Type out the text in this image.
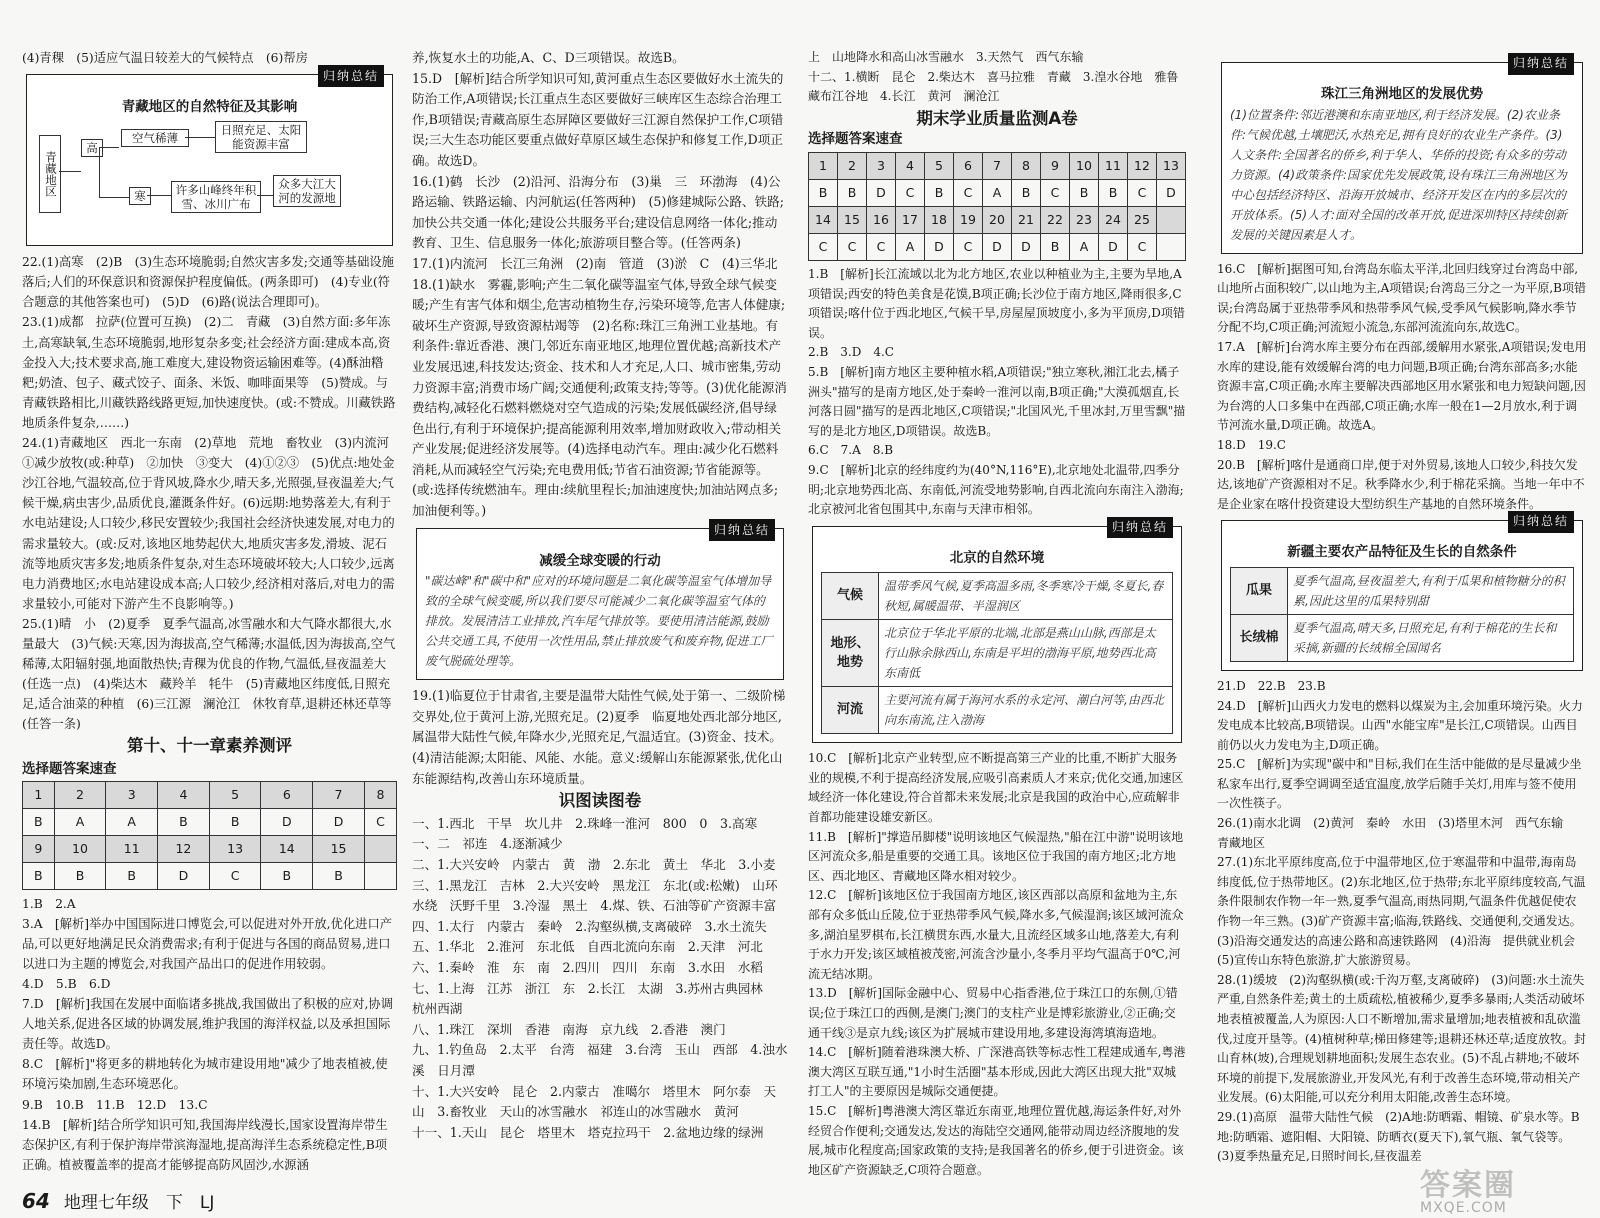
(4)青稞　(5)适应气温日较差大的气候特点　(6)帮房

归纳总结
青藏地区的自然特征及其影响
青藏地区
高
寒
空气稀薄
日照充足、太阳能资源丰富
许多山峰终年积雪、冰川广布
众多大江大河的发源地

22.(1)高寒　(2)B　(3)生态环境脆弱;自然灾害多发;交通等基础设施落后;人们的环保意识和资源保护程度偏低。(两条即可)　(4)专业(符合题意的其他答案也可)　(5)D　(6)路(说法合理即可)。

23.(1)成都　拉萨(位置可互换)　(2)二　青藏　(3)自然方面:多年冻土,高寒缺氧,生态环境脆弱,地形复杂多变;社会经济方面:建成本高,资金投入大;技术要求高,施工难度大,建设物资运输困难等。(4)酥油糌粑;奶渣、包子、藏式饺子、面条、米饭、咖啡面果等　(5)赞成。与青藏铁路相比,川藏铁路线路更短,加快速度快。(或:不赞成。川藏铁路地质条件复杂,……)

24.(1)青藏地区　西北一东南　(2)草地　荒地　畜牧业　(3)内流河　①减少放牧(或:种草)　②加快　③变大　(4)①②③　(5)优点:地处金沙江谷地,气温较高,位于背风坡,降水少,晴天多,光照强,昼夜温差大;气候干燥,病虫害少,品质优良,灌溉条件好。(6)远期:地势落差大,有利于水电站建设;人口较少,移民安置较少;我国社会经济快速发展,对电力的需求量较大。(或:反对,该地区地势起伏大,地质灾害多发,滑坡、泥石流等地质灾害多发;地质条件复杂,对生态环境破坏较大;人口较少,远离电力消费地区;水电站建设成本高;人口较少,经济相对落后,对电力的需求量较小,可能对下游产生不良影响等。)

25.(1)晴　小　(2)夏季　夏季气温高,冰雪融水和大气降水都很大,水量最大　(3)气候:天寒,因为海拔高,空气稀薄;水温低,因为海拔高,空气稀薄,太阳辐射强,地面散热快;青稞为优良的作物,气温低,昼夜温差大　(任选一点)　(4)柴达木　藏羚羊　牦牛　(5)青藏地区纬度低,日照充足,适合油菜的种植　(6)三江源　澜沧江　休牧育草,退耕还林还草等(任答一条)

第十、十一章素养测评
选择题答案速查
1	2	3	4	5	6	7	8
B	A	A	B	B	D	D	C
9	10	11	12	13	14	15	
B	B	B	D	C	B	B	

1.B　2.A

3.A　[解析]举办中国国际进口博览会,可以促进对外开放,优化进口产品,可以更好地满足民众消费需求;有利于促进与各国的商品贸易,进口以进口为主题的博览会,对我国产品出口的促进作用较弱。

4.D　5.B　6.D

7.D　[解析]我国在发展中面临诸多挑战,我国做出了积极的应对,协调人地关系,促进各区域的协调发展,维护我国的海洋权益,以及承担国际责任等。故选D。

8.C　[解析]"将更多的耕地转化为城市建设用地"减少了地表植被,使环境污染加剧,生态环境恶化。

9.B　10.B　11.B　12.D　13.C

14.B　[解析]结合所学知识可知,我国海岸线漫长,国家设置海岸带生态保护区,有利于保护海岸带滨海湿地,提高海洋生态系统稳定性,B项正确。植被覆盖率的提高才能够提高防风固沙,水源涵

养,恢复水土的功能,A、C、D三项错误。故选B。

15.D　[解析]结合所学知识可知,黄河重点生态区要做好水土流失的防治工作,A项错误;长江重点生态区要做好三峡库区生态综合治理工作,B项错误;青藏高原生态屏障区要做好三江源自然保护工作,C项错误;三大生态功能区要重点做好草原区域生态保护和修复工作,D项正确。故选D。

16.(1)鹤　长沙　(2)沿河、沿海分布　(3)巢　三　环渤海　(4)公路运输、铁路运输、内河航运(任答两种)　(5)修建城际公路、铁路;加快公共交通一体化;建设公共服务平台;建设信息网络一体化;推动教育、卫生、信息服务一体化;旅游项目整合等。(任答两条)

17.(1)内流河　长江三角洲　(2)南　管道　(3)淤　C　(4)三华北

18.(1)缺水　雾霾,影响;产生二氧化碳等温室气体,导致全球气候变暖;产生有害气体和烟尘,危害动植物生存,污染环境等,危害人体健康;破坏生产资源,导致资源枯竭等　(2)名称:珠江三角洲工业基地。有利条件:靠近香港、澳门,邻近东南亚地区,地理位置优越;高新技术产业发展迅速,科技发达;资金、技术和人才充足,人口、城市密集,劳动力资源丰富;消费市场广阔;交通便利;政策支持;等等。(3)优化能源消费结构,减轻化石燃料燃烧对空气造成的污染;发展低碳经济,倡导绿色出行,有利于环境保护;提高能源利用效率,增加财政收入;带动相关产业发展;促进经济发展等。(4)选择电动汽车。理由:减少化石燃料消耗,从而减轻空气污染;充电费用低;节省石油资源;节省能源等。(或:选择传统燃油车。理由:续航里程长;加油速度快;加油站网点多;加油便利等。)

归纳总结
减缓全球变暖的行动
"碳达峰"和"碳中和"应对的环境问题是二氧化碳等温室气体增加导致的全球气候变暖,所以我们要尽可能减少二氧化碳等温室气体的排放。发展清洁工业排放,汽车尾气排放等。要使用清洁能源,鼓励公共交通工具,不使用一次性用品,禁止排放废气和废弃物,促进工厂废气脱硫处理等。

19.(1)临夏位于甘肃省,主要是温带大陆性气候,处于第一、二级阶梯交界处,位于黄河上游,光照充足。(2)夏季　临夏地处西北部分地区,属温带大陆性气候,年降水少,光照充足,气温适宜。(3)资金、技术。(4)清洁能源;太阳能、风能、水能。意义:缓解山东能源紧张,优化山东能源结构,改善山东环境质量。

识图读图卷

一、1.西北　干旱　坎儿井　2.珠峰一淮河　800　0　3.高寒　一、二　祁连　4.逐渐减少

二、1.大兴安岭　内蒙古　黄　渤　2.东北　黄土　华北　3.小麦

三、1.黑龙江　吉林　2.大兴安岭　黑龙江　东北(或:松嫩)　山环水绕　沃野千里　3.冷湿　黑土　4.煤、铁、石油等矿产资源丰富

四、1.太行　内蒙古　秦岭　2.沟壑纵横,支离破碎　3.水土流失

五、1.华北　2.淮河　东北低　自西北流向东南　2.天津　河北

六、1.秦岭　淮　东　南　2.四川　四川　东南　3.水田　水稻

七、1.上海　江苏　浙江　东　2.长江　太湖　3.苏州古典园林　杭州西湖

八、1.珠江　深圳　香港　南海　京九线　2.香港　澳门

九、1.钓鱼岛　2.太平　台湾　福建　3.台湾　玉山　西部　4.浊水溪　日月潭

十、1.大兴安岭　昆仑　2.内蒙古　准噶尔　塔里木　阿尔泰　天山　3.畜牧业　天山的冰雪融水　祁连山的冰雪融水　黄河

十一、1.天山　昆仑　塔里木　塔克拉玛干　2.盆地边缘的绿洲

上　山地降水和高山冰雪融水　3.天然气　西气东输

十二、1.横断　昆仑　2.柴达木　喜马拉雅　青藏　3.湟水谷地　雅鲁藏布江谷地　4.长江　黄河　澜沧江

期末学业质量监测A卷
选择题答案速查
1	2	3	4	5	6	7	8	9	10	11	12	13
B	B	D	C	B	C	A	B	C	B	B	C	D
14	15	16	17	18	19	20	21	22	23	24	25	
C	C	C	A	D	C	D	D	B	A	D	C	

1.B　[解析]长江流域以北为北方地区,农业以种植业为主,主要为旱地,A项错误;西安的特色美食是花馍,B项正确;长沙位于南方地区,降雨很多,C项错误;喀什位于西北地区,气候干旱,房屋屋顶坡度小,多为平顶房,D项错误。

2.B　3.D　4.C

5.B　[解析]南方地区主要种植水稻,A项错误;"独立寒秋,湘江北去,橘子洲头"描写的是南方地区,处于秦岭一淮河以南,B项正确;"大漠孤烟直,长河落日圆"描写的是西北地区,C项错误;"北国风光,千里冰封,万里雪飘"描写的是北方地区,D项错误。故选B。

6.C　7.A　8.B

9.C　[解析]北京的经纬度约为(40°N,116°E),北京地处北温带,四季分明;北京地势西北高、东南低,河流受地势影响,自西北流向东南注入渤海;北京被河北省包围其中,东南与天津市相邻。

归纳总结
北京的自然环境
气候	温带季风气候,夏季高温多雨,冬季寒冷干燥,冬夏长,春秋短,属暖温带、半湿润区
地形、地势	北京位于华北平原的北端,北部是燕山山脉,西部是太行山脉余脉西山,东南是平坦的渤海平原,地势西北高东南低
河流	主要河流有属于海河水系的永定河、潮白河等,由西北向东南流,注入渤海

10.C　[解析]北京产业转型,应不断提高第三产业的比重,不断扩大服务业的规模,不利于提高经济发展,应吸引高素质人才来京;优化交通,加速区域经济一体化建设,符合首都未来发展;北京是我国的政治中心,应疏解非首都功能建设雄安新区。

11.B　[解析]"撑造吊脚楼"说明该地区气候湿热,"船在江中游"说明该地区河流众多,船是重要的交通工具。该地区位于我国的南方地区;北方地区、西北地区、青藏地区降水相对较少。

12.C　[解析]该地区位于我国南方地区,该区西部以高原和盆地为主,东部有众多低山丘陵,位于亚热带季风气候,降水多,气候湿润;该区域河流众多,湖泊星罗棋布,长江横贯东西,水量大,且流经区域多山地,落差大,有利于水力开发;该区域植被茂密,河流含沙量小,冬季月平均气温高于0℃,河流无结冰期。

13.D　[解析]国际金融中心、贸易中心指香港,位于珠江口的东侧,①错误;位于珠江口的西侧,是澳门;澳门的支柱产业是博彩旅游业,②正确;交通干线③是京九线;该区为扩展城市建设用地,多建设海湾填海造地。

14.C　[解析]随着港珠澳大桥、广深港高铁等标志性工程建成通车,粤港澳大湾区互联互通,"1小时生活圈"基本形成,因此大湾区出现大批"双城打工人"的主要原因是城际交通便捷。

15.C　[解析]粤港澳大湾区靠近东南亚,地理位置优越,海运条件好,对外经贸合作便利;交通发达,发达的海陆空交通网,能带动周边经济腹地的发展,城市化程度高;国家政策的支持;是我国著名的侨乡,便于引进资金。该地区矿产资源缺乏,C项符合题意。

归纳总结
珠江三角洲地区的发展优势
(1)位置条件:邻近港澳和东南亚地区,利于经济发展。(2)农业条件:气候优越,土壤肥沃,水热充足,拥有良好的农业生产条件。(3)人文条件:全国著名的侨乡,利于华人、华侨的投资;有众多的劳动力资源。(4)政策条件:国家优先发展政策,设有珠江三角洲地区为中心包括经济特区、沿海开放城市、经济开发区在内的多层次的开放体系。(5)人才:面对全国的改革开放,促进深圳特区持续创新发展的关键因素是人才。

16.C　[解析]据图可知,台湾岛东临太平洋,北回归线穿过台湾岛中部,山地所占面积较广,以山地为主,A项错误;台湾岛三分之一为平原,B项错误;台湾岛属于亚热带季风和热带季风气候,受季风气候影响,降水季节分配不均,C项正确;河流短小流急,东部河流流向东,故选C。

17.A　[解析]台湾水库主要分布在西部,缓解用水紧张,A项错误;发电用水库的建设,能有效缓解台湾的电力问题,B项正确;台湾东部高多;水能资源丰富,C项正确;水库主要解决西部地区用水紧张和电力短缺问题,因为台湾的人口多集中在西部,C项正确;水库一般在1—2月放水,利于调节河流水量,D项正确。故选A。

18.D　19.C

20.B　[解析]喀什是通商口岸,便于对外贸易,该地人口较少,科技欠发达,该地矿产资源相对不足。秋季降水少,利于棉花采摘。当地一年中不是企业家在喀什投资建设大型纺织生产基地的自然环境条件。

归纳总结
新疆主要农产品特征及生长的自然条件
瓜果	夏季气温高,昼夜温差大,有利于瓜果和植物糖分的积累,因此这里的瓜果特别甜
长绒棉	夏季气温高,晴天多,日照充足,有利于棉花的生长和采摘,新疆的长绒棉全国闻名

21.D　22.B　23.B

24.D　[解析]山西火力发电的燃料以煤炭为主,会加重环境污染。火力发电成本比较高,B项错误。山西"水能宝库"是长江,C项错误。山西目前仍以火力发电为主,D项正确。

25.C　[解析]为实现"碳中和"目标,我们在生活中能做的是尽量减少坐私家车出行,夏季空调调至适宜温度,放学后随手关灯,用库与签不使用一次性筷子。

26.(1)南水北调　(2)黄河　秦岭　水田　(3)塔里木河　西气东输　青藏地区

27.(1)东北平原纬度高,位于中温带地区,位于寒温带和中温带,海南岛纬度低,位于热带地区。(2)东北地区,位于热带;东北平原纬度较高,气温条件限制农作物一年一熟,夏季气温高,雨热同期,气温条件优越促使农作物一年三熟。(3)矿产资源丰富;临海,铁路线、交通便利,交通发达。(3)沿海交通发达的高速公路和高速铁路网　(4)沿海　提供就业机会　(5)宣传山东特色旅游,扩大旅游贸易。

28.(1)缓坡　(2)沟壑纵横(或:千沟万壑,支离破碎)　(3)问题:水土流失严重,自然条件差;黄土的土质疏松,植被稀少,夏季多暴雨;人类活动破坏地表植被覆盖,人为原因:人口不断增加,需求量增加;地表植被和乱砍滥伐,过度开垦等。(4)植树种草;梯田修建等;退耕还林还草;适度放牧。封山育林(坡),合理规划耕地面积;发展生态农业。(5)不乱占耕地;不破坏环境的前提下,发展旅游业,开发风光,有利于改善生态环境,带动相关产业发展。(6)太阳能,可以充分利用太阳能,改善生态环境。

29.(1)高原　温带大陆性气候　(2)A地:防晒霜、帽镜、矿泉水等。B地:防晒霜、遮阳帽、大阳镜、防晒衣(夏天下),氧气瓶、氧气袋等。(3)夏季热量充足,日照时间长,昼夜温差

64 地理七年级　下　LJ	答案圈
MXQE.COM
